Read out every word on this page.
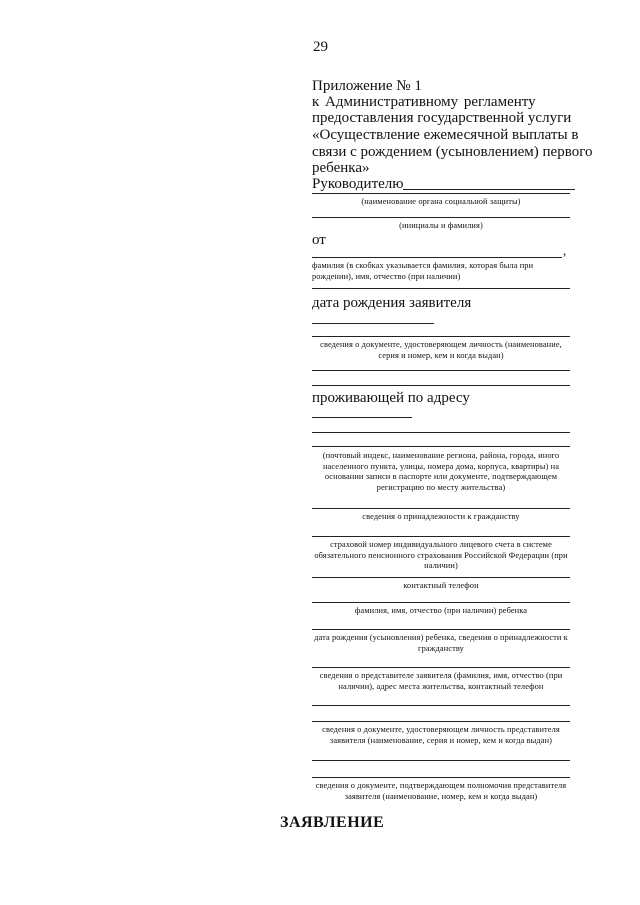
29
Приложение № 1
к Административному регламенту
предоставления государственной услуги
«Осуществление ежемесячной выплаты в
связи с рождением (усыновлением) первого
ребенка»
Руководителю
(наименование органа социальной защиты)
(инициалы и фамилия)
от
,
фамилия (в скобках указывается фамилия, которая была при рождении), имя, отчество (при наличии)
дата рождения заявителя
сведения о документе, удостоверяющем личность (наименование, серия и номер, кем и когда выдан)
проживающей по адресу
(почтовый индекс, наименование региона, района, города, иного населенного пункта, улицы, номера дома, корпуса, квартиры) на основании записи в паспорте или документе, подтверждающем регистрацию по месту жительства)
сведения о принадлежности к гражданству
страховой номер индивидуального лицевого счета в системе обязательного пенсионного страхования Российской Федерации (при наличии)
контактный телефон
фамилия, имя, отчество (при наличии) ребенка
дата рождения (усыновления) ребенка, сведения о принадлежности к гражданству
сведения о представителе заявителя (фамилия, имя, отчество (при наличии), адрес места жительства, контактный телефон
сведения о документе, удостоверяющем личность представителя заявителя (наименование, серия и номер, кем и когда выдан)
сведения о документе, подтверждающем полномочия представителя заявителя (наименование, номер, кем и когда выдан)
ЗАЯВЛЕНИЕ
